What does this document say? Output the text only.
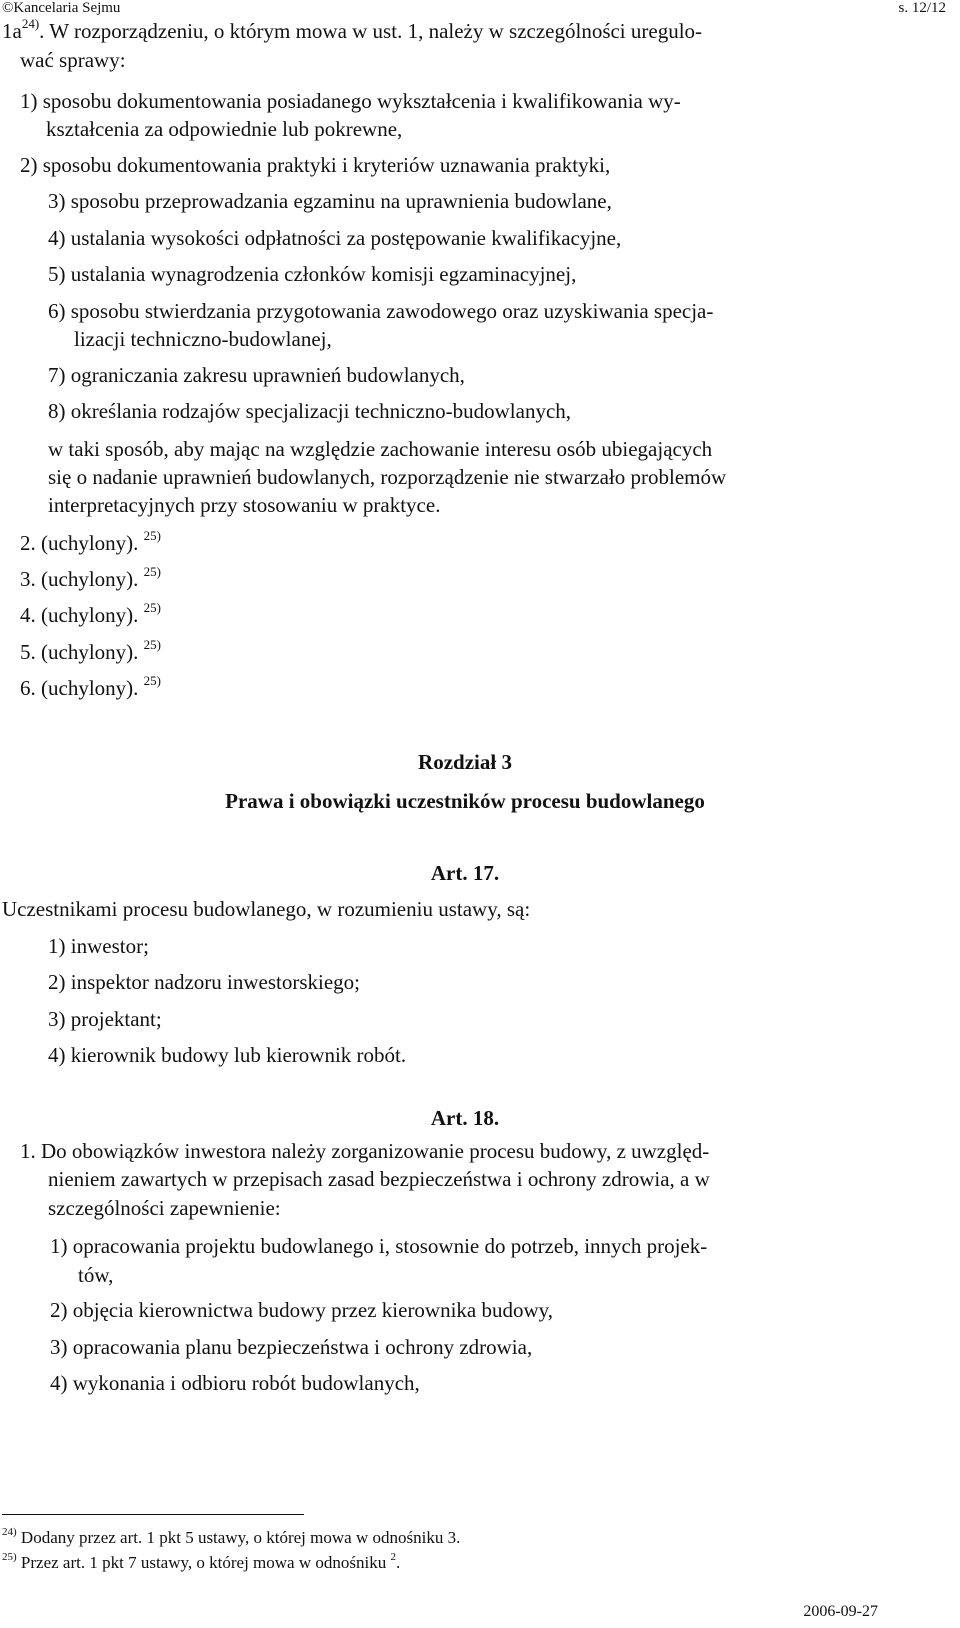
©Kancelaria Sejmu	s. 12/12
$1a^{24)}$. W rozporządzeniu, o którym mowa w ust. 1, należy w szczególności uregulo-
wać sprawy:
1) sposobu dokumentowania posiadanego wykształcenia i kwalifikowania wy-
kształcenia za odpowiednie lub pokrewne,
2) sposobu dokumentowania praktyki i kryteriów uznawania praktyki,
3) sposobu przeprowadzania egzaminu na uprawnienia budowlane,
4) ustalania wysokości odpłatności za postępowanie kwalifikacyjne,
5) ustalania wynagrodzenia członków komisji egzaminacyjnej,
6) sposobu stwierdzania przygotowania zawodowego oraz uzyskiwania specja-
lizacji techniczno-budowlanej,
7) ograniczania zakresu uprawnień budowlanych,
8) określania rodzajów specjalizacji techniczno-budowlanych,
w taki sposób, aby mając na względzie zachowanie interesu osób ubiegających
się o nadanie uprawnień budowlanych, rozporządzenie nie stwarzało problemów
interpretacyjnych przy stosowaniu w praktyce.
2. (uchylony). $^{25)}$
3. (uchylony). $^{25)}$
4. (uchylony). $^{25)}$
5. (uchylony). $^{25)}$
6. (uchylony). $^{25)}$
Rozdział 3
Prawa i obowiązki uczestników procesu budowlanego
Art. 17.
Uczestnikami procesu budowlanego, w rozumieniu ustawy, są:
1) inwestor;
2) inspektor nadzoru inwestorskiego;
3) projektant;
4) kierownik budowy lub kierownik robót.
Art. 18.
1. Do obowiązków inwestora należy zorganizowanie procesu budowy, z uwzględ-
nieniem zawartych w przepisach zasad bezpieczeństwa i ochrony zdrowia, a w
szczególności zapewnienie:
1) opracowania projektu budowlanego i, stosownie do potrzeb, innych projek-
tów,
2) objęcia kierownictwa budowy przez kierownika budowy,
3) opracowania planu bezpieczeństwa i ochrony zdrowia,
4) wykonania i odbioru robót budowlanych,
$^{24)}$ Dodany przez art. 1 pkt 5 ustawy, o której mowa w odnośniku 3.
$^{25)}$ Przez art. 1 pkt 7 ustawy, o której mowa w odnośniku $^2$.
2006-09-27
